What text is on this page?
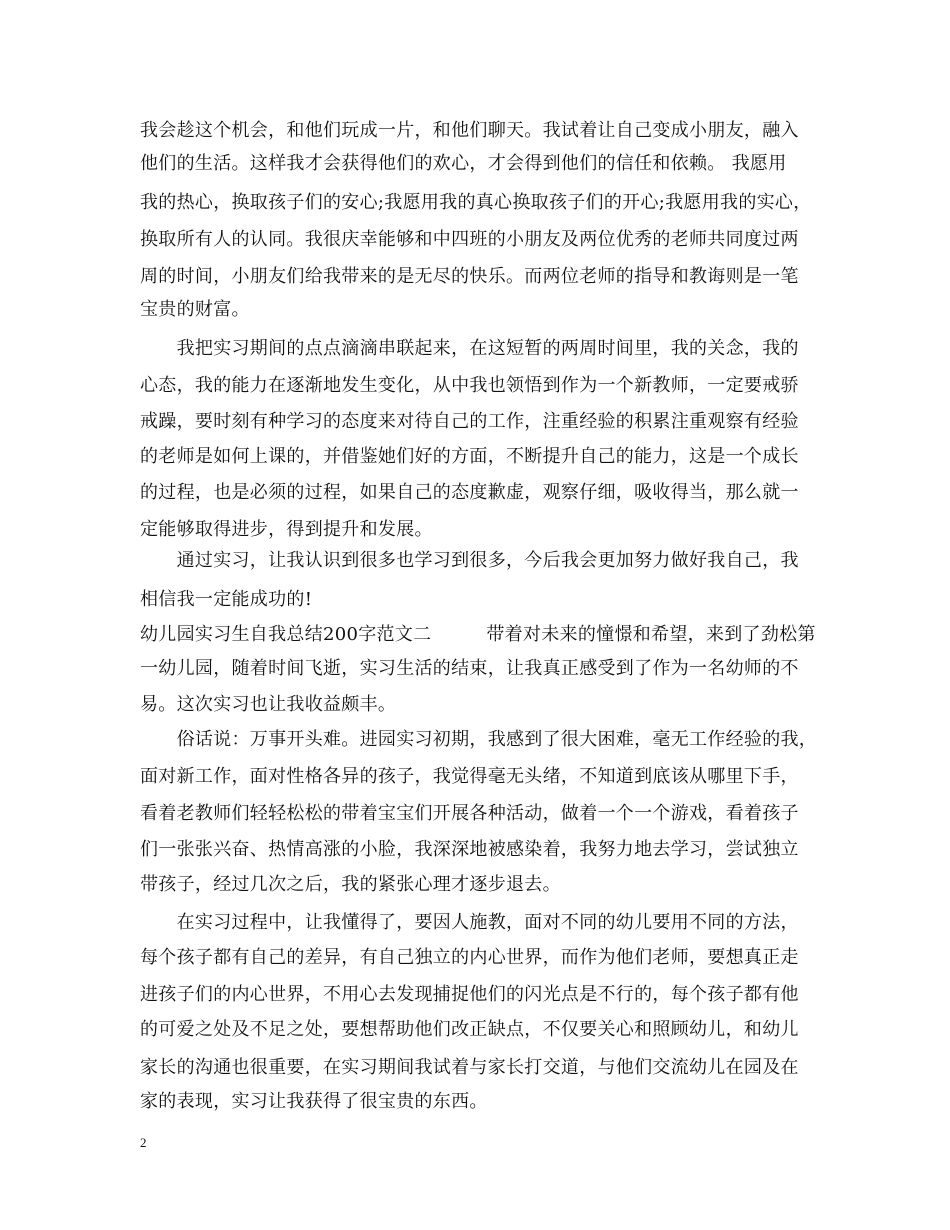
我会趁这个机会，和他们玩成一片，和他们聊天。我试着让自己变成小朋友，融入
他们的生活。这样我才会获得他们的欢心，才会得到他们的信任和依赖。 我愿用
我的热心，换取孩子们的安心;我愿用我的真心换取孩子们的开心;我愿用我的实心，
换取所有人的认同。我很庆幸能够和中四班的小朋友及两位优秀的老师共同度过两
周的时间，小朋友们给我带来的是无尽的快乐。而两位老师的指导和教诲则是一笔
宝贵的财富。
　　我把实习期间的点点滴滴串联起来，在这短暂的两周时间里，我的关念，我的
心态，我的能力在逐渐地发生变化，从中我也领悟到作为一个新教师，一定要戒骄
戒躁，要时刻有种学习的态度来对待自己的工作，注重经验的积累注重观察有经验
的老师是如何上课的，并借鉴她们好的方面，不断提升自己的能力，这是一个成长
的过程，也是必须的过程，如果自己的态度歉虚，观察仔细，吸收得当，那么就一
定能够取得进步，得到提升和发展。
　　通过实习，让我认识到很多也学习到很多，今后我会更加努力做好我自己，我
相信我一定能成功的!
幼儿园实习生自我总结200字范文二　　　带着对未来的憧憬和希望，来到了劲松第
一幼儿园，随着时间飞逝，实习生活的结束，让我真正感受到了作为一名幼师的不
易。这次实习也让我收益颇丰。
　　俗话说：万事开头难。进园实习初期，我感到了很大困难，毫无工作经验的我，
面对新工作，面对性格各异的孩子，我觉得毫无头绪，不知道到底该从哪里下手，
看着老教师们轻轻松松的带着宝宝们开展各种活动，做着一个一个游戏，看着孩子
们一张张兴奋、热情高涨的小脸，我深深地被感染着，我努力地去学习，尝试独立
带孩子，经过几次之后，我的紧张心理才逐步退去。
　　在实习过程中，让我懂得了，要因人施教，面对不同的幼儿要用不同的方法，
每个孩子都有自己的差异，有自己独立的内心世界，而作为他们老师，要想真正走
进孩子们的内心世界，不用心去发现捕捉他们的闪光点是不行的，每个孩子都有他
的可爱之处及不足之处，要想帮助他们改正缺点，不仅要关心和照顾幼儿，和幼儿
家长的沟通也很重要，在实习期间我试着与家长打交道，与他们交流幼儿在园及在
家的表现，实习让我获得了很宝贵的东西。
2
